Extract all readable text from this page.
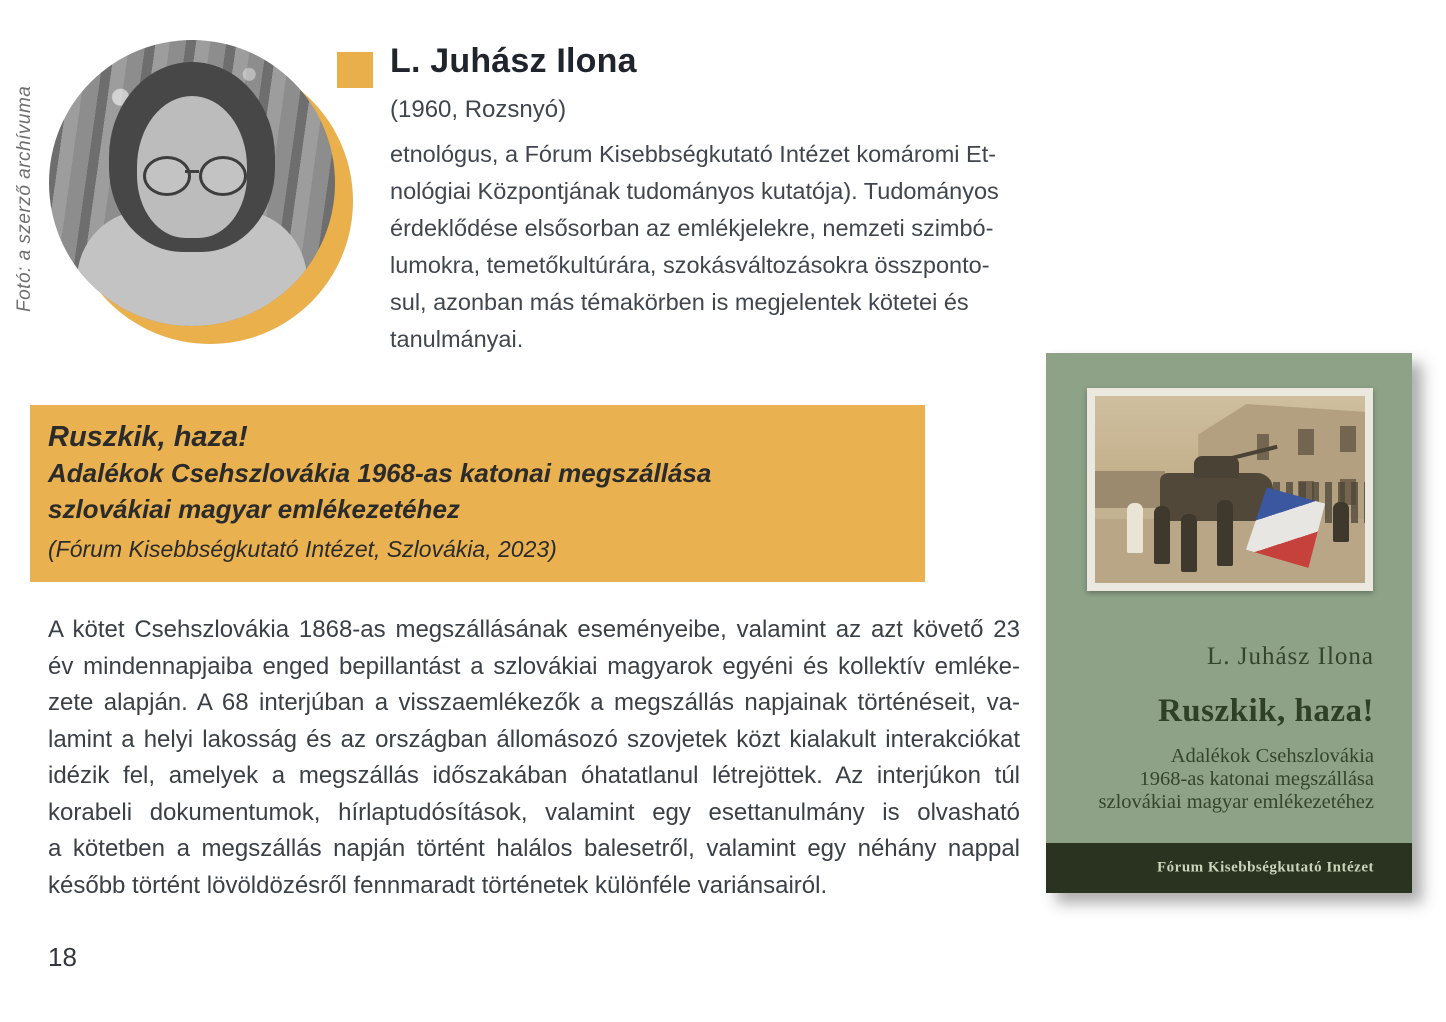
Fotó: a szerző archívuma
L. Juhász Ilona
(1960, Rozsnyó)
etnológus, a Fórum Kisebbségkutató Intézet komáromi Et-
nológiai Központjának tudományos kutatója). Tudományos
érdeklődése elsősorban az emlékjelekre, nemzeti szimbó-
lumokra, temetőkultúrára, szokásváltozásokra összponto-
sul, azonban más témakörben is megjelentek kötetei és
tanulmányai.
Ruszkik, haza!
Adalékok Csehszlovákia 1968-as katonai megszállása
szlovákiai magyar emlékezetéhez
(Fórum Kisebbségkutató Intézet, Szlovákia, 2023)
A kötet Csehszlovákia 1868-as megszállásának eseményeibe, valamint az azt követő 23
év mindennapjaiba enged bepillantást a szlovákiai magyarok egyéni és kollektív emléke-
zete alapján. A 68 interjúban a visszaemlékezők a megszállás napjainak történéseit, va-
lamint a helyi lakosság és az országban állomásozó szovjetek közt kialakult interakciókat
idézik fel, amelyek a megszállás időszakában óhatatlanul létrejöttek. Az interjúkon túl
korabeli dokumentumok, hírlaptudósítások, valamint egy esettanulmány is olvasható
a kötetben a megszállás napján történt halálos balesetről, valamint egy néhány nappal
később történt lövöldözésről fennmaradt történetek különféle variánsairól.
18
L. Juhász Ilona
Ruszkik, haza!
Adalékok Csehszlovákia
1968-as katonai megszállása
szlovákiai magyar emlékezetéhez
Fórum Kisebbségkutató Intézet
